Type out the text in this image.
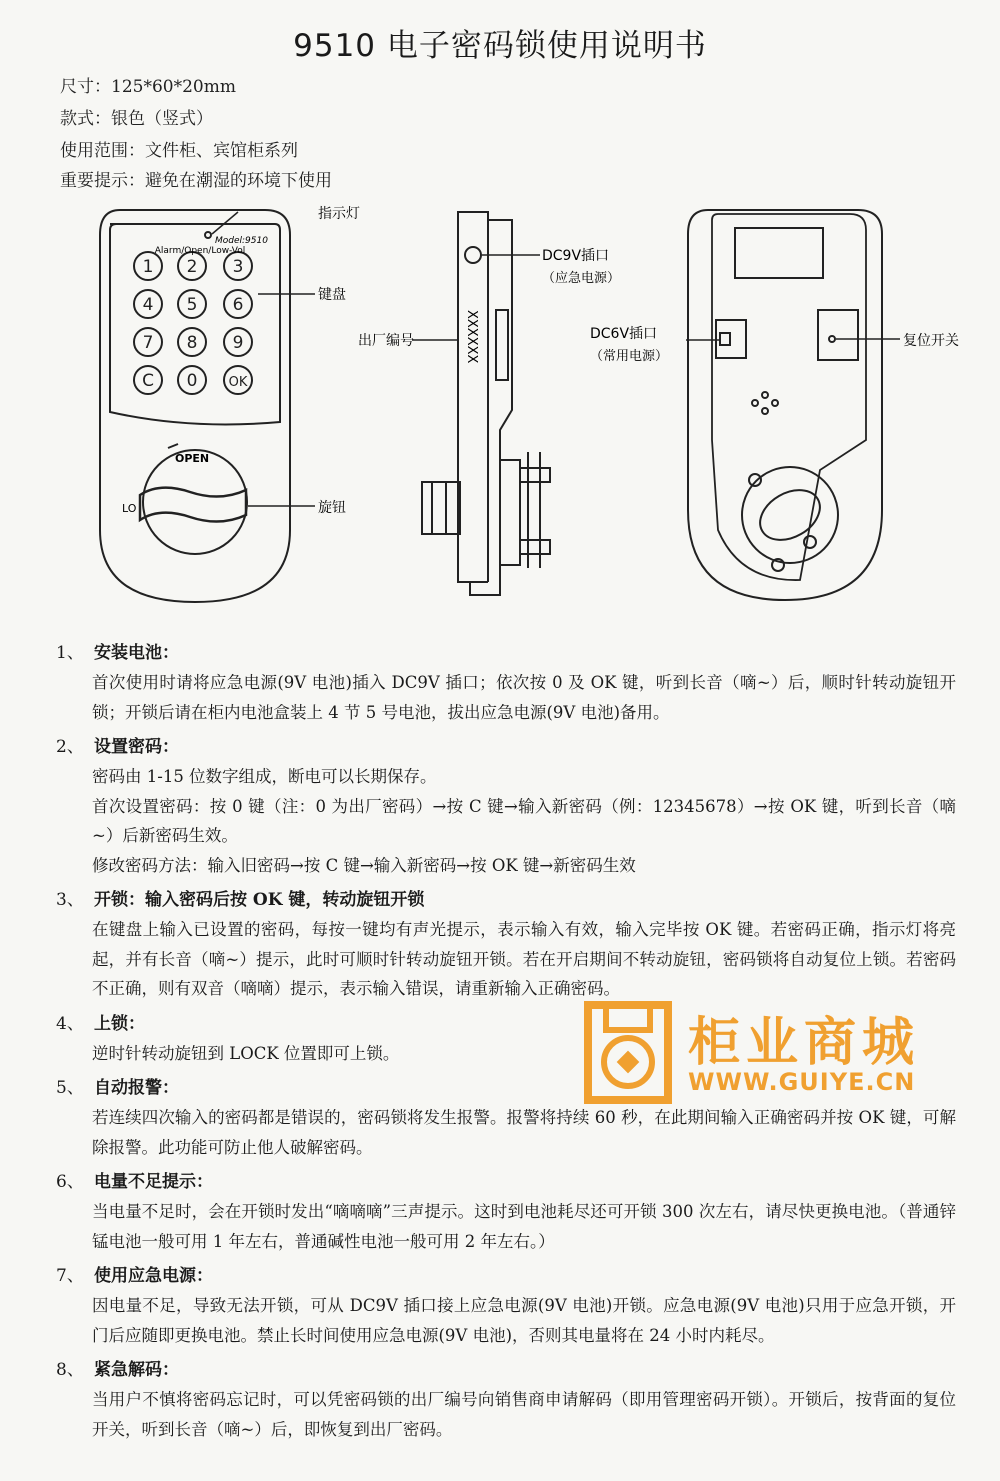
9510 电子密码锁使用说明书
尺寸：125*60*20mm
款式：银色（竖式）
使用范围：文件柜、宾馆柜系列
重要提示：避免在潮湿的环境下使用
1 2 3
4 5 6
7 8 9
C 0 OK
Model:9510
Alarm/Open/Low-Vol
OPEN
LO
指示灯
键盘
旋钮
XXXXXX
DC9V插口
（应急电源）
出厂编号	DC6V插口
（常用电源）
复位开关
1、 安装电池：

首次使用时请将应急电源(9V 电池)插入 DC9V 插口；依次按 0 及 OK 键，听到长音（嘀~）后，顺时针转动旋钮开锁；开锁后请在柜内电池盒装上 4 节 5 号电池，拔出应急电源(9V 电池)备用。

2、 设置密码：

密码由 1-15 位数字组成，断电可以长期保存。

首次设置密码：按 0 键（注：0 为出厂密码）→按 C 键→输入新密码（例：12345678）→按 OK 键，听到长音（嘀~）后新密码生效。

修改密码方法：输入旧密码→按 C 键→输入新密码→按 OK 键→新密码生效

3、 开锁：输入密码后按 OK 键，转动旋钮开锁

在键盘上输入已设置的密码，每按一键均有声光提示，表示输入有效，输入完毕按 OK 键。若密码正确，指示灯将亮起，并有长音（嘀~）提示，此时可顺时针转动旋钮开锁。若在开启期间不转动旋钮，密码锁将自动复位上锁。若密码不正确，则有双音（嘀嘀）提示，表示输入错误，请重新输入正确密码。

4、 上锁：

逆时针转动旋钮到 LOCK 位置即可上锁。

5、 自动报警：

若连续四次输入的密码都是错误的，密码锁将发生报警。报警将持续 60 秒，在此期间输入正确密码并按 OK 键，可解除报警。此功能可防止他人破解密码。

6、 电量不足提示：

当电量不足时，会在开锁时发出“嘀嘀嘀”三声提示。这时到电池耗尽还可开锁 300 次左右，请尽快更换电池。（普通锌锰电池一般可用 1 年左右，普通碱性电池一般可用 2 年左右。）

7、 使用应急电源：

因电量不足，导致无法开锁，可从 DC9V 插口接上应急电源(9V 电池)开锁。应急电源(9V 电池)只用于应急开锁，开门后应随即更换电池。禁止长时间使用应急电源(9V 电池)，否则其电量将在 24 小时内耗尽。

8、 紧急解码：

当用户不慎将密码忘记时，可以凭密码锁的出厂编号向销售商申请解码（即用管理密码开锁）。开锁后，按背面的复位开关，听到长音（嘀~）后，即恢复到出厂密码。

柜业商城
WWW.GUIYE.CN
